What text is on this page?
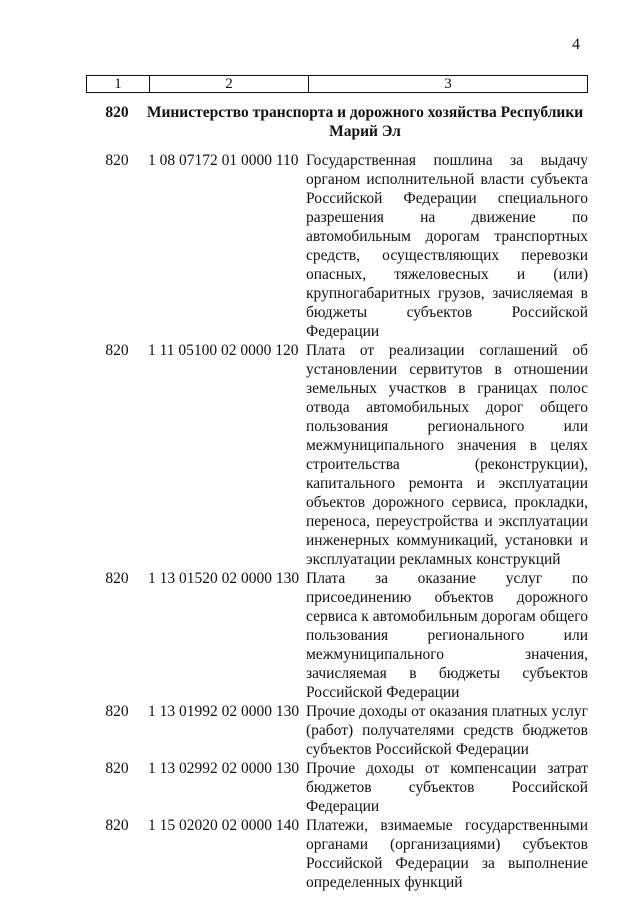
4
1	2	3
820	Министерство транспорта и дорожного хозяйства Республики Марий Эл
820	1 08 07172 01 0000 110 Государственная пошлина за выдачу органом исполнительной власти субъекта Российской Федерации специального разрешения на движение по автомобильным дорогам транспортных средств, осуществляющих перевозки опасных, тяжеловесных и (или) крупногабаритных грузов, зачисляемая в бюджеты субъектов Российской Федерации
820	1 11 05100 02 0000 120 Плата от реализации соглашений об установлении сервитутов в отношении земельных участков в границах полос отвода автомобильных дорог общего пользования регионального или межмуниципального значения в целях строительства (реконструкции), капитального ремонта и эксплуатации объектов дорожного сервиса, прокладки, переноса, переустройства и эксплуатации инженерных коммуникаций, установки и эксплуатации рекламных конструкций
820	1 13 01520 02 0000 130 Плата за оказание услуг по присоединению объектов дорожного сервиса к автомобильным дорогам общего пользования регионального или межмуниципального значения, зачисляемая в бюджеты субъектов Российской Федерации
820	1 13 01992 02 0000 130 Прочие доходы от оказания платных услуг (работ) получателями средств бюджетов субъектов Российской Федерации
820	1 13 02992 02 0000 130 Прочие доходы от компенсации затрат бюджетов субъектов Российской Федерации
820	1 15 02020 02 0000 140 Платежи, взимаемые государственными органами (организациями) субъектов Российской Федерации за выполнение определенных функций
